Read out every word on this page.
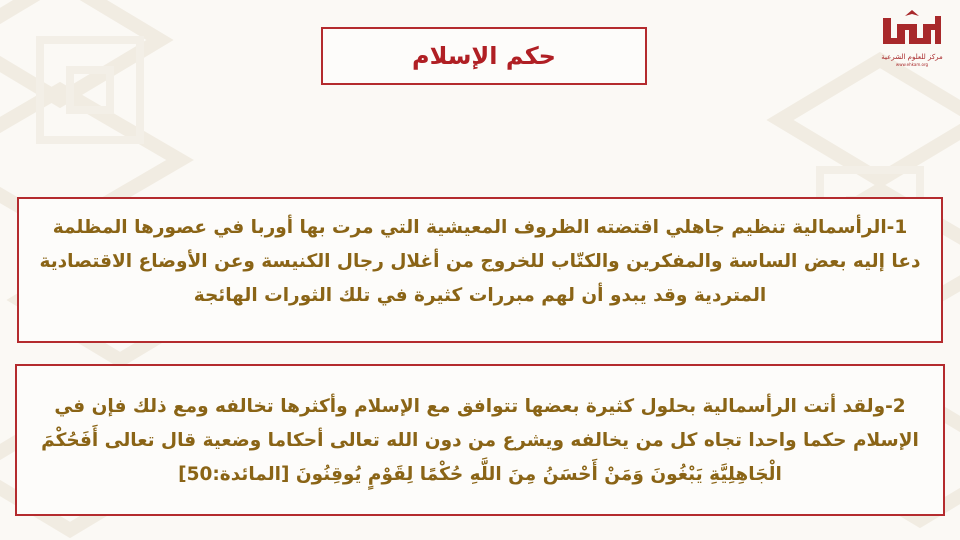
مركز للعلوم الشرعية
www.ehkam.org
حكم الإسلام
1-الرأسمالية تنظيم جاهلي اقتضته الظروف المعيشية التي مرت بها أوربا في عصورها المظلمة دعا إليه بعض الساسة والمفكرين والكتّاب للخروج من أغلال رجال الكنيسة وعن الأوضاع الاقتصادية المتردية وقد يبدو أن لهم مبررات كثيرة في تلك الثورات الهائجة
2-ولقد أتت الرأسمالية بحلول كثيرة بعضها تتوافق مع الإسلام وأكثرها تخالفه ومع ذلك فإن في الإسلام حكما واحدا تجاه كل من يخالفه ويشرع من دون الله تعالى أحكاما وضعية قال تعالى أَفَحُكْمَ الْجَاهِلِيَّةِ يَبْغُونَ وَمَنْ أَحْسَنُ مِنَ اللَّهِ حُكْمًا لِقَوْمٍ يُوقِنُونَ [المائدة:50]
